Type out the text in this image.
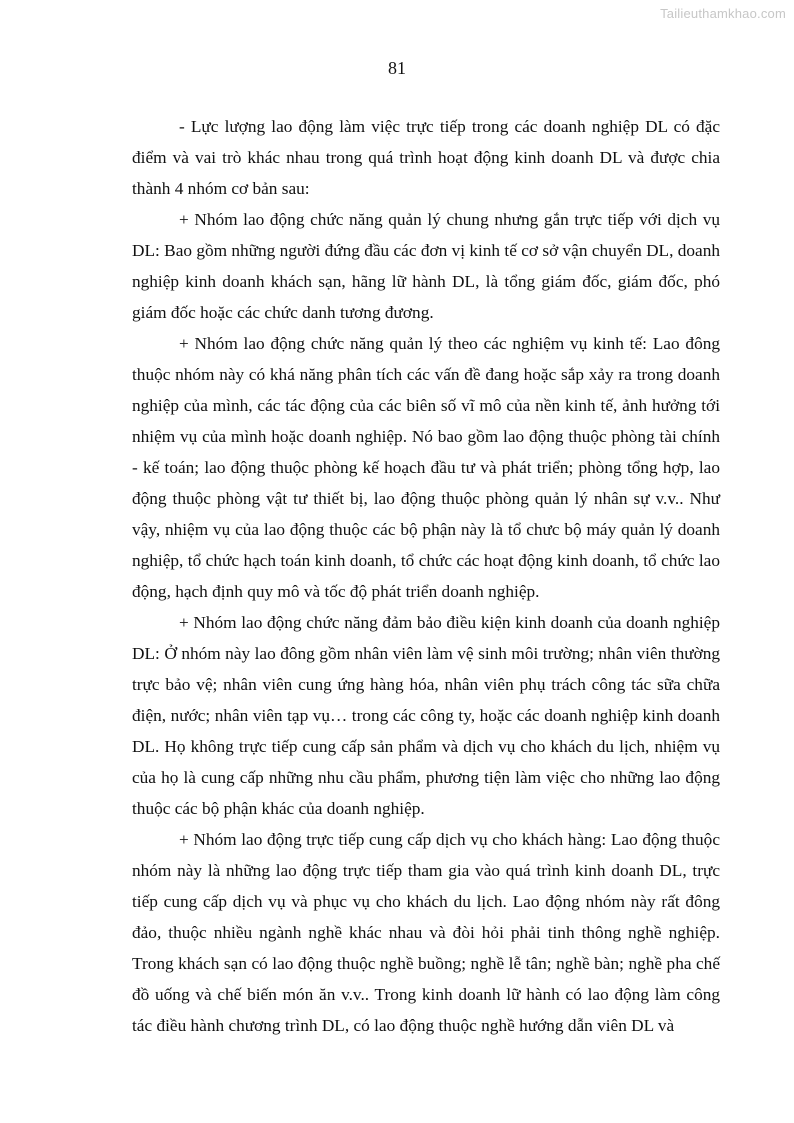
Tailieuthamkhao.com
81

- Lực lượng lao động làm việc trực tiếp trong các doanh nghiệp DL có đặc điểm và vai trò khác nhau trong quá trình hoạt động kinh doanh DL và được chia thành 4 nhóm cơ bản sau:

+ Nhóm lao động chức năng quản lý chung nhưng gắn trực tiếp với dịch vụ DL: Bao gồm những người đứng đầu các đơn vị kinh tế cơ sở vận chuyển DL, doanh nghiệp kinh doanh khách sạn, hãng lữ hành DL, là tổng giám đốc, giám đốc, phó giám đốc hoặc các chức danh tương đương.

+ Nhóm lao động chức năng quản lý theo các nghiệm vụ kinh tế: Lao đông thuộc nhóm này có khá năng phân tích các vấn đề đang hoặc sắp xảy ra trong doanh nghiệp của mình, các tác động của các biên số vĩ mô của nền kinh tế, ảnh hưởng tới nhiệm vụ của mình hoặc doanh nghiệp. Nó bao gồm lao động thuộc phòng tài chính - kế toán; lao động thuộc phòng kế hoạch đầu tư và phát triển; phòng tổng hợp, lao động thuộc phòng vật tư thiết bị, lao động thuộc phòng quản lý nhân sự v.v.. Như vậy, nhiệm vụ của lao động thuộc các bộ phận này là tổ chưc bộ máy quản lý doanh nghiệp, tổ chức hạch toán kinh doanh, tổ chức các hoạt động kinh doanh, tổ chức lao động, hạch định quy mô và tốc độ phát triển doanh nghiệp.

+ Nhóm lao động chức năng đảm bảo điều kiện kinh doanh của doanh nghiệp DL: Ở nhóm này lao đông gồm nhân viên làm vệ sinh môi trường; nhân viên thường trực bảo vệ; nhân viên cung ứng hàng hóa, nhân viên phụ trách công tác sữa chữa điện, nước; nhân viên tạp vụ… trong các công ty, hoặc các doanh nghiệp kinh doanh DL. Họ không trực tiếp cung cấp sản phẩm và dịch vụ cho khách du lịch, nhiệm vụ của họ là cung cấp những nhu cầu phẩm, phương tiện làm việc cho những lao động thuộc các bộ phận khác của doanh nghiệp.

+ Nhóm lao động trực tiếp cung cấp dịch vụ cho khách hàng: Lao động thuộc nhóm này là những lao động trực tiếp tham gia vào quá trình kinh doanh DL, trực tiếp cung cấp dịch vụ và phục vụ cho khách du lịch. Lao động nhóm này rất đông đảo, thuộc nhiều ngành nghề khác nhau và đòi hỏi phải tinh thông nghề nghiệp. Trong khách sạn có lao động thuộc nghề buồng; nghề lễ tân; nghề bàn; nghề pha chế đồ uống và chế biến món ăn v.v.. Trong kinh doanh lữ hành có lao động làm công tác điều hành chương trình DL, có lao động thuộc nghề hướng dẫn viên DL và
